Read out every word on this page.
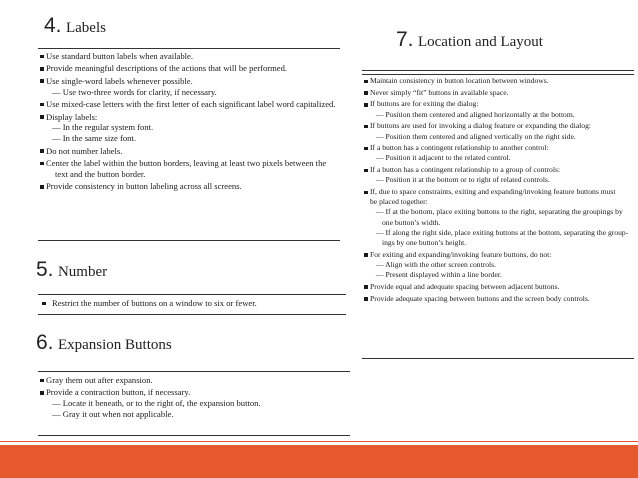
4. Labels
Use standard button labels when available.
Provide meaningful descriptions of the actions that will be performed.
Use single-word labels whenever possible.
— Use two-three words for clarity, if necessary.
Use mixed-case letters with the first letter of each significant label word capitalized.
Display labels:
— In the regular system font.
— In the same size font.
Do not number labels.
Center the label within the button borders, leaving at least two pixels between the
text and the button border.
Provide consistency in button labeling across all screens.
5. Number
Restrict the number of buttons on a window to six or fewer.
6. Expansion Buttons
Gray them out after expansion.
Provide a contraction button, if necessary.
— Locate it beneath, or to the right of, the expansion button.
— Gray it out when not applicable.
7. Location and Layout
Maintain consistency in button location between windows.
Never simply “fit” buttons in available space.
If buttons are for exiting the dialog:
— Position them centered and aligned horizontally at the bottom.
If buttons are used for invoking a dialog feature or expanding the dialog:
— Position them centered and aligned vertically on the right side.
If a button has a contingent relationship to another control:
— Position it adjacent to the related control.
If a button has a contingent relationship to a group of controls:
— Position it at the bottom or to right of related controls.
If, due to space constraints, exiting and expanding/invoking feature buttons must
be placed together:
— If at the bottom, place exiting buttons to the right, separating the groupings by
one button’s width.
— If along the right side, place exiting buttons at the bottom, separating the group-
ings by one button’s height.
For exiting and expanding/invoking feature buttons, do not:
— Align with the other screen controls.
— Present displayed within a line border.
Provide equal and adequate spacing between adjacent buttons.
Provide adequate spacing between buttons and the screen body controls.
